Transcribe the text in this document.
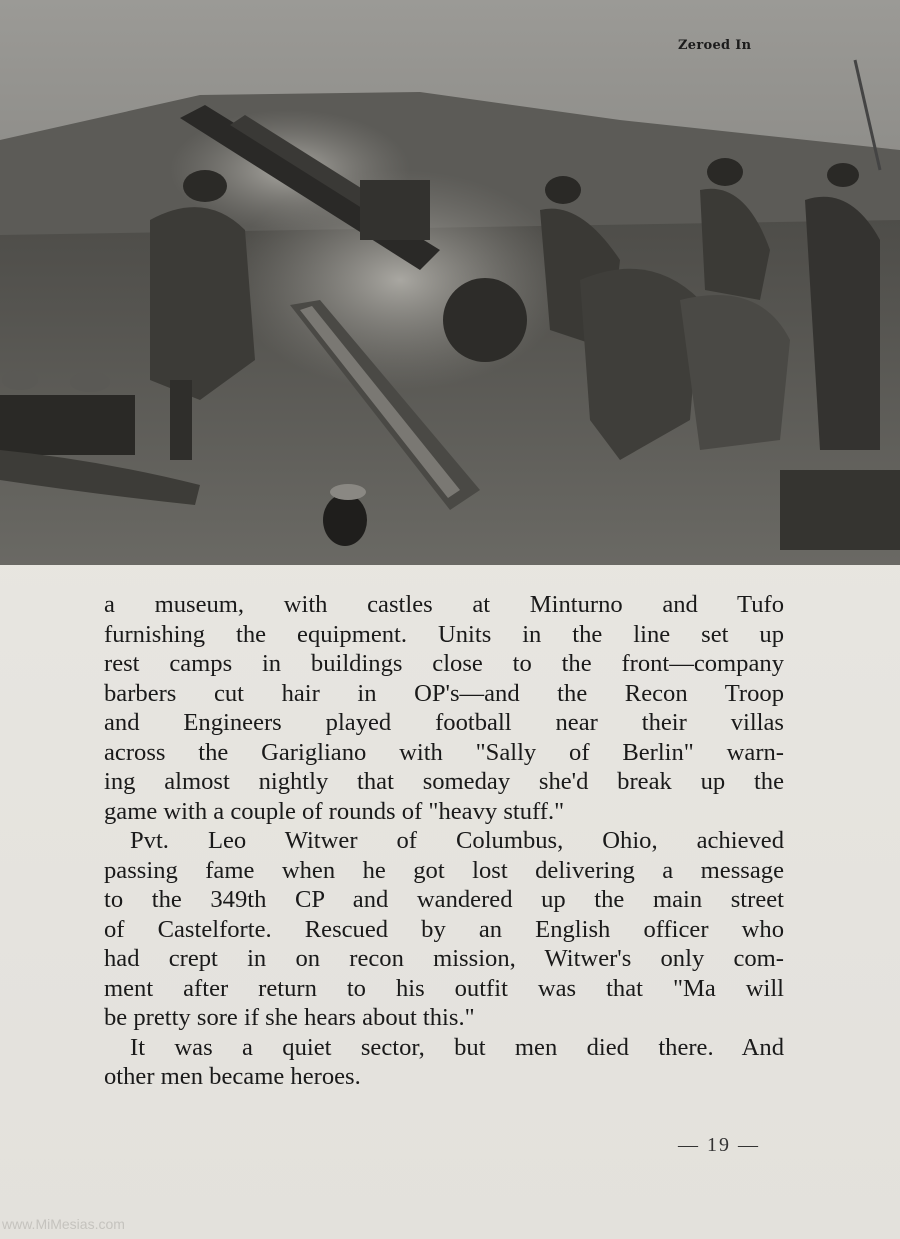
Zeroed In
a museum, with castles at Minturno and Tufo
furnishing the equipment. Units in the line set up
rest camps in buildings close to the front—company
barbers cut hair in OP's—and the Recon Troop
and Engineers played football near their villas
across the Garigliano with "Sally of Berlin" warn-
ing almost nightly that someday she'd break up the
game with a couple of rounds of "heavy stuff."
Pvt. Leo Witwer of Columbus, Ohio, achieved
passing fame when he got lost delivering a message
to the 349th CP and wandered up the main street
of Castelforte. Rescued by an English officer who
had crept in on recon mission, Witwer's only com-
ment after return to his outfit was that "Ma will
be pretty sore if she hears about this."
It was a quiet sector, but men died there. And
other men became heroes.
— 19 —
www.MiMesias.com
